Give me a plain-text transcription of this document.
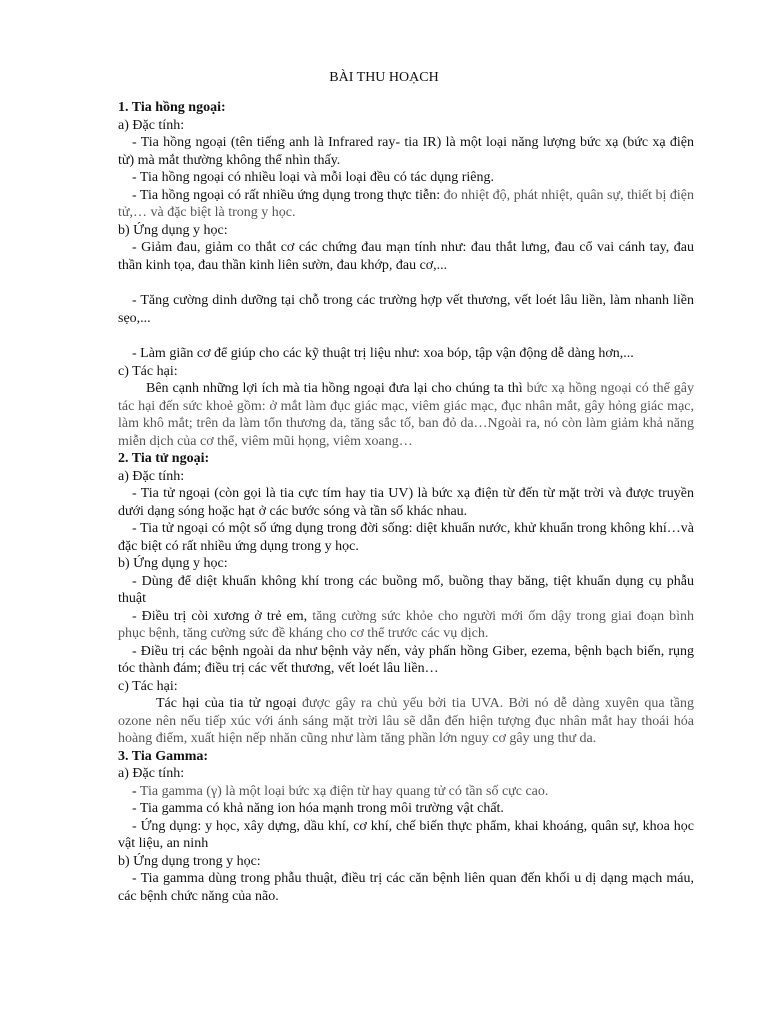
BÀI THU HOẠCH

1. Tia hồng ngoại:

a) Đặc tính:

- Tia hồng ngoại (tên tiếng anh là Infrared ray- tia IR) là một loại năng lượng bức xạ (bức xạ điện từ) mà mắt thường không thể nhìn thấy.

- Tia hồng ngoại có nhiều loại và mỗi loại đều có tác dụng riêng.

- Tia hồng ngoại có rất nhiều ứng dụng trong thực tiễn: đo nhiệt độ, phát nhiệt, quân sự, thiết bị điện tử,… và đặc biệt là trong y học.

b) Ứng dụng y học:

- Giảm đau, giảm co thắt cơ các chứng đau mạn tính như: đau thắt lưng, đau cổ vai cánh tay, đau thần kinh tọa, đau thần kinh liên sườn, đau khớp, đau cơ,...

- Tăng cường dinh dưỡng tại chỗ trong các trường hợp vết thương, vết loét lâu liền, làm nhanh liền sẹo,...

- Làm giãn cơ để giúp cho các kỹ thuật trị liệu như: xoa bóp, tập vận động dễ dàng hơn,...

c) Tác hại:

Bên cạnh những lợi ích mà tia hồng ngoại đưa lại cho chúng ta thì bức xạ hồng ngoại có thể gây tác hại đến sức khoẻ gồm: ở mắt làm đục giác mạc, viêm giác mạc, đục nhân mắt, gây hỏng giác mạc, làm khô mắt; trên da làm tổn thương da, tăng sắc tố, ban đỏ da…Ngoài ra, nó còn làm giảm khả năng miễn dịch của cơ thể, viêm mũi họng, viêm xoang…

2. Tia tử ngoại:

a) Đặc tính:

- Tia tử ngoại (còn gọi là tia cực tím hay tia UV) là bức xạ điện từ đến từ mặt trời và được truyền dưới dạng sóng hoặc hạt ở các bước sóng và tần số khác nhau.

- Tia tử ngoại có một số ứng dụng trong đời sống: diệt khuẩn nước, khử khuẩn trong không khí…và đặc biệt có rất nhiều ứng dụng trong y học.

b) Ứng dụng y học:

- Dùng để diệt khuẩn không khí trong các buồng mổ, buồng thay băng, tiệt khuẩn dụng cụ phẫu thuật

- Điều trị còi xương ở trẻ em, tăng cường sức khỏe cho người mới ốm dậy trong giai đoạn bình phục bệnh, tăng cường sức đề kháng cho cơ thể trước các vụ dịch.

- Điều trị các bệnh ngoài da như bệnh vảy nến, vảy phấn hồng Giber, ezema, bệnh bạch biến, rụng tóc thành đám; điều trị các vết thương, vết loét lâu liền…

c) Tác hại:

Tác hại của tia tử ngoại được gây ra chủ yếu bởi tia UVA. Bởi nó dễ dàng xuyên qua tầng ozone nên nếu tiếp xúc với ánh sáng mặt trời lâu sẽ dẫn đến hiện tượng đục nhân mắt hay thoái hóa hoàng điểm, xuất hiện nếp nhăn cũng như làm tăng phần lớn nguy cơ gây ung thư da.

3. Tia Gamma:

a) Đặc tính:

- Tia gamma (γ) là một loại bức xạ điện từ hay quang tử có tần số cực cao.

- Tia gamma có khả năng ion hóa mạnh trong môi trường vật chất.

- Ứng dụng: y học, xây dựng, dầu khí, cơ khí, chế biến thực phẩm, khai khoáng, quân sự, khoa học vật liệu, an ninh

b) Ứng dụng trong y học:

- Tia gamma dùng trong phẫu thuật, điều trị các căn bệnh liên quan đến khối u dị dạng mạch máu, các bệnh chức năng của não.
